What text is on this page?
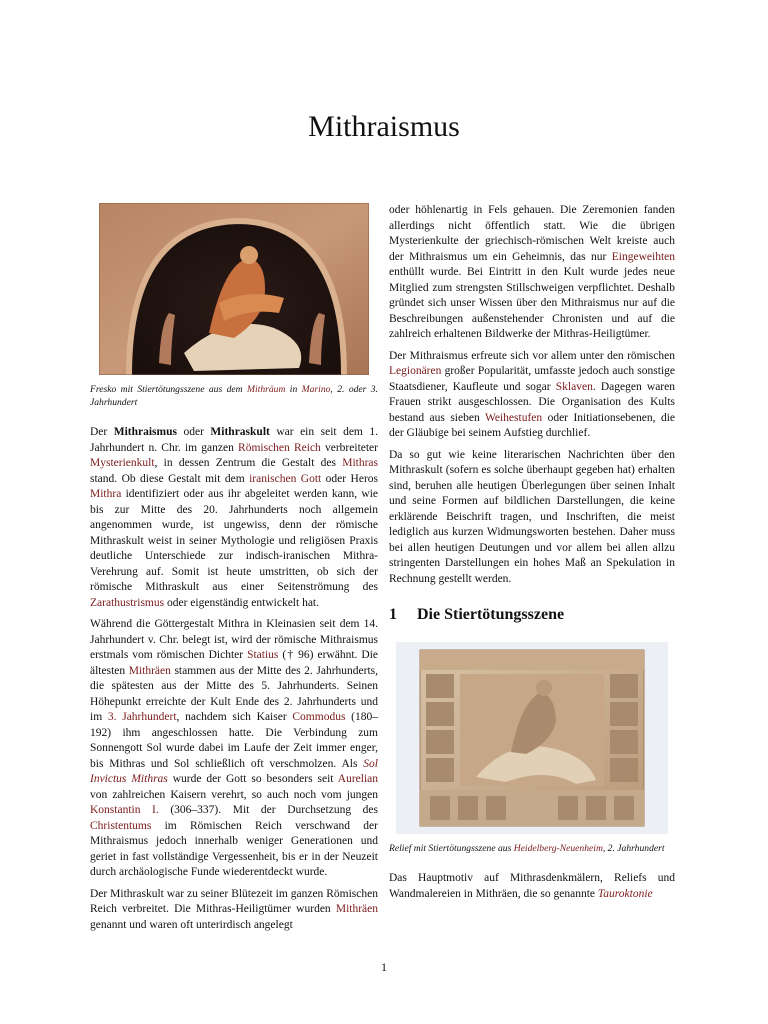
Mithraismus
Fresko mit Stiertötungsszene aus dem Mithräum in Marino, 2. oder 3. Jahrhundert

Der Mithraismus oder Mithraskult war ein seit dem 1. Jahrhundert n. Chr. im ganzen Römischen Reich verbreiteter Mysterienkult, in dessen Zentrum die Gestalt des Mithras stand. Ob diese Gestalt mit dem iranischen Gott oder Heros Mithra identifiziert oder aus ihr abgeleitet werden kann, wie bis zur Mitte des 20. Jahrhunderts noch allgemein angenommen wurde, ist ungewiss, denn der römische Mithraskult weist in seiner Mythologie und religiösen Praxis deutliche Unterschiede zur indisch-iranischen Mithra-Verehrung auf. Somit ist heute umstritten, ob sich der römische Mithraskult aus einer Seitenströmung des Zarathustrismus oder eigenständig entwickelt hat.

Während die Göttergestalt Mithra in Kleinasien seit dem 14. Jahrhundert v. Chr. belegt ist, wird der römische Mithraismus erstmals vom römischen Dichter Statius († 96) erwähnt. Die ältesten Mithräen stammen aus der Mitte des 2. Jahrhunderts, die spätesten aus der Mitte des 5. Jahrhunderts. Seinen Höhepunkt erreichte der Kult Ende des 2. Jahrhunderts und im 3. Jahrhundert, nachdem sich Kaiser Commodus (180–192) ihm angeschlossen hatte. Die Verbindung zum Sonnengott Sol wurde dabei im Laufe der Zeit immer enger, bis Mithras und Sol schließlich oft verschmolzen. Als Sol Invictus Mithras wurde der Gott so besonders seit Aurelian von zahlreichen Kaisern verehrt, so auch noch vom jungen Konstantin I. (306–337). Mit der Durchsetzung des Christentums im Römischen Reich verschwand der Mithraismus jedoch innerhalb weniger Generationen und geriet in fast vollständige Vergessenheit, bis er in der Neuzeit durch archäologische Funde wiederentdeckt wurde.

Der Mithraskult war zu seiner Blütezeit im ganzen Römischen Reich verbreitet. Die Mithras-Heiligtümer wurden Mithräen genannt und waren oft unterirdisch angelegt

oder höhlenartig in Fels gehauen. Die Zeremonien fanden allerdings nicht öffentlich statt. Wie die übrigen Mysterienkulte der griechisch-römischen Welt kreiste auch der Mithraismus um ein Geheimnis, das nur Eingeweihten enthüllt wurde. Bei Eintritt in den Kult wurde jedes neue Mitglied zum strengsten Stillschweigen verpflichtet. Deshalb gründet sich unser Wissen über den Mithraismus nur auf die Beschreibungen außenstehender Chronisten und auf die zahlreich erhaltenen Bildwerke der Mithras-Heiligtümer.

Der Mithraismus erfreute sich vor allem unter den römischen Legionären großer Popularität, umfasste jedoch auch sonstige Staatsdiener, Kaufleute und sogar Sklaven. Dagegen waren Frauen strikt ausgeschlossen. Die Organisation des Kults bestand aus sieben Weihestufen oder Initiationsebenen, die der Gläubige bei seinem Aufstieg durchlief.

Da so gut wie keine literarischen Nachrichten über den Mithraskult (sofern es solche überhaupt gegeben hat) erhalten sind, beruhen alle heutigen Überlegungen über seinen Inhalt und seine Formen auf bildlichen Darstellungen, die keine erklärende Beischrift tragen, und Inschriften, die meist lediglich aus kurzen Widmungsworten bestehen. Daher muss bei allen heutigen Deutungen und vor allem bei allen allzu stringenten Darstellungen ein hohes Maß an Spekulation in Rechnung gestellt werden.

1 Die Stiertötungsszene
Relief mit Stiertötungsszene aus Heidelberg-Neuenheim, 2. Jahrhundert

Das Hauptmotiv auf Mithrasdenkmälern, Reliefs und Wandmalereien in Mithräen, die so genannte Tauroktonie

1
